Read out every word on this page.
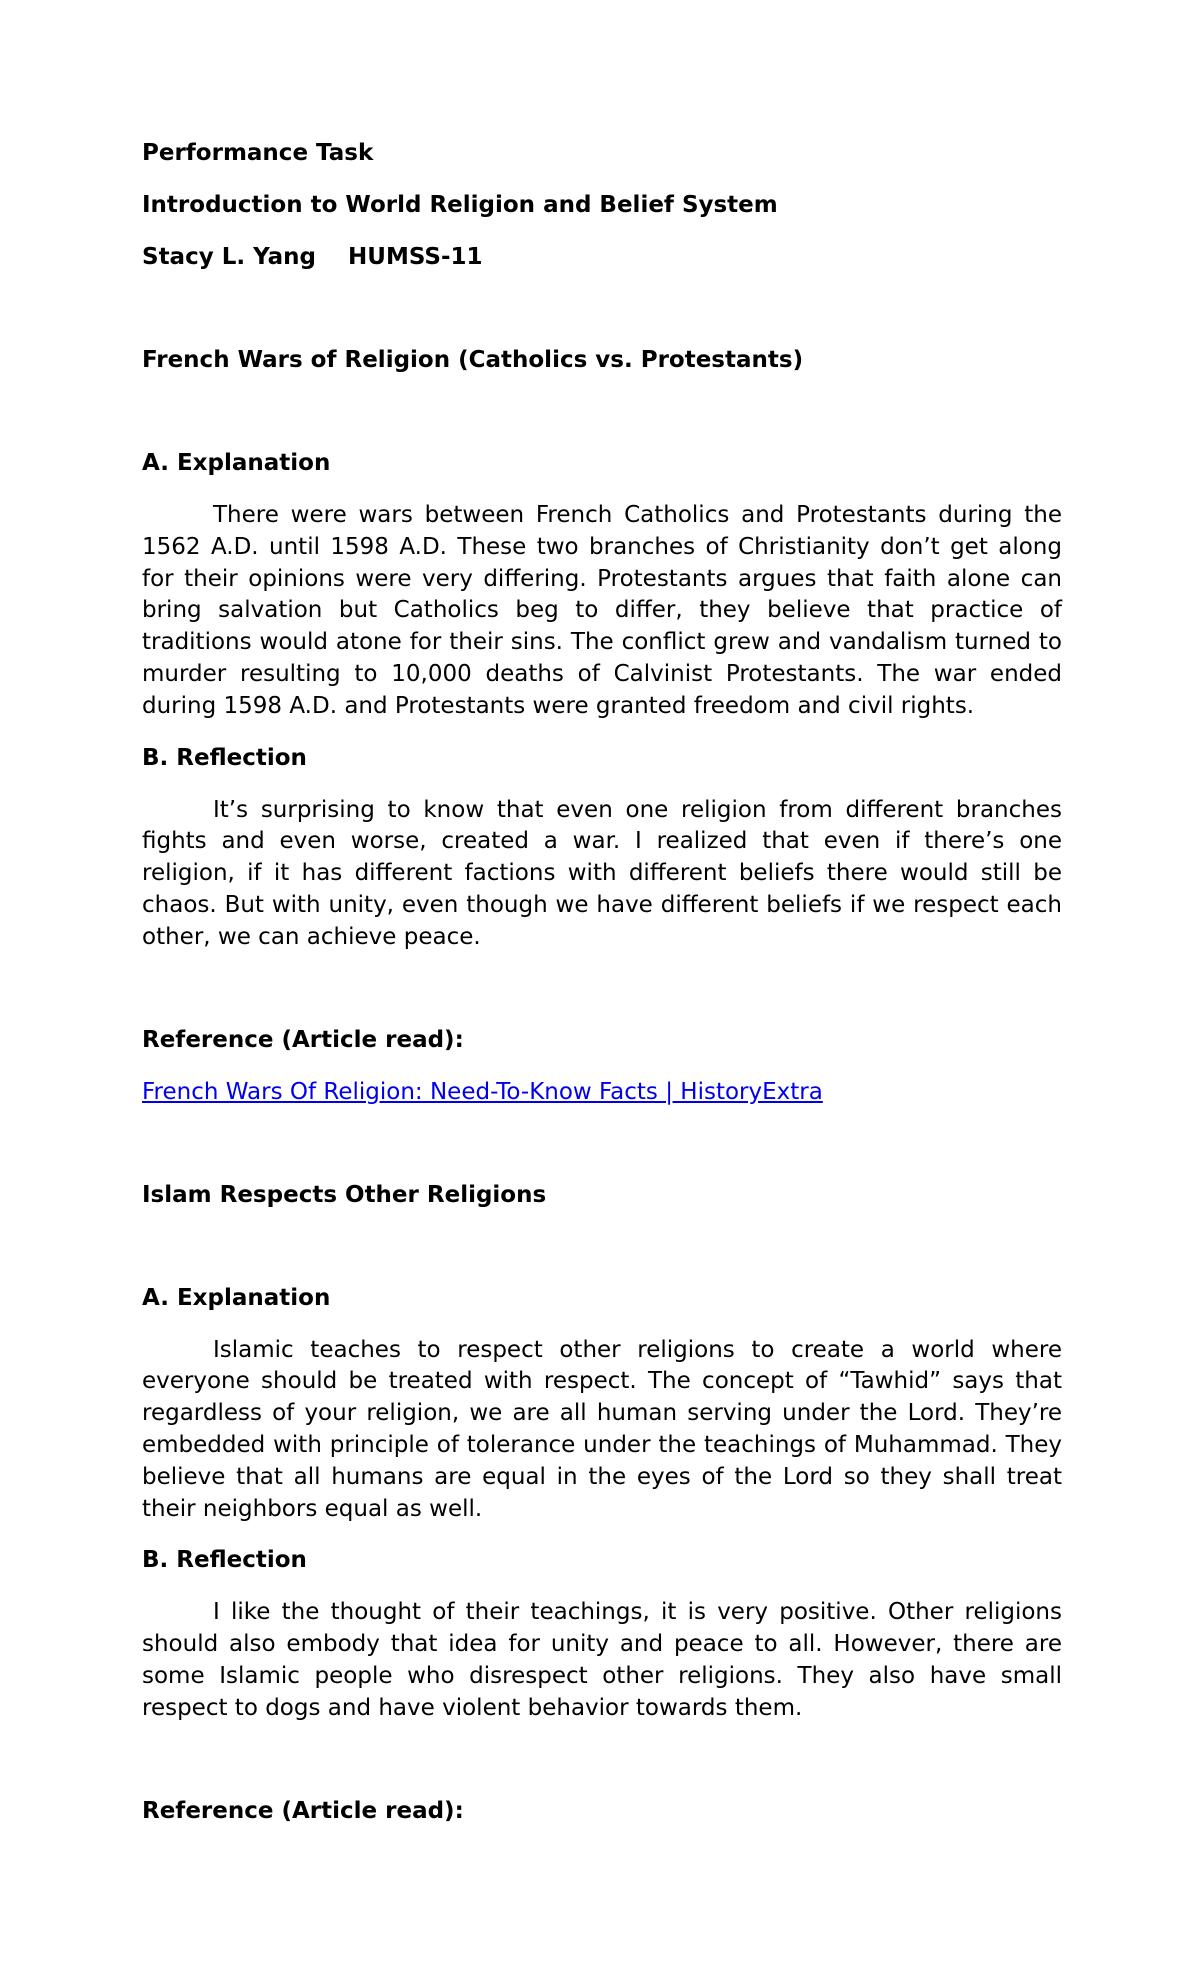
Performance Task
Introduction to World Religion and Belief System
Stacy L. Yang HUMSS-11
French Wars of Religion (Catholics vs. Protestants)
A. Explanation

There were wars between French Catholics and Protestants during the 1562 A.D. until 1598 A.D. These two branches of Christianity don’t get along for their opinions were very differing. Protestants argues that faith alone can bring salvation but Catholics beg to differ, they believe that practice of traditions would atone for their sins. The conflict grew and vandalism turned to murder resulting to 10,000 deaths of Calvinist Protestants. The war ended during 1598 A.D. and Protestants were granted freedom and civil rights.

B. Reflection

It’s surprising to know that even one religion from different branches fights and even worse, created a war. I realized that even if there’s one religion, if it has different factions with different beliefs there would still be chaos. But with unity, even though we have different beliefs if we respect each other, we can achieve peace.

Reference (Article read):
French Wars Of Religion: Need-To-Know Facts | HistoryExtra
Islam Respects Other Religions
A. Explanation

Islamic teaches to respect other religions to create a world where everyone should be treated with respect. The concept of “Tawhid” says that regardless of your religion, we are all human serving under the Lord. They’re embedded with principle of tolerance under the teachings of Muhammad. They believe that all humans are equal in the eyes of the Lord so they shall treat their neighbors equal as well.

B. Reflection

I like the thought of their teachings, it is very positive. Other religions should also embody that idea for unity and peace to all. However, there are some Islamic people who disrespect other religions. They also have small respect to dogs and have violent behavior towards them.

Reference (Article read):
